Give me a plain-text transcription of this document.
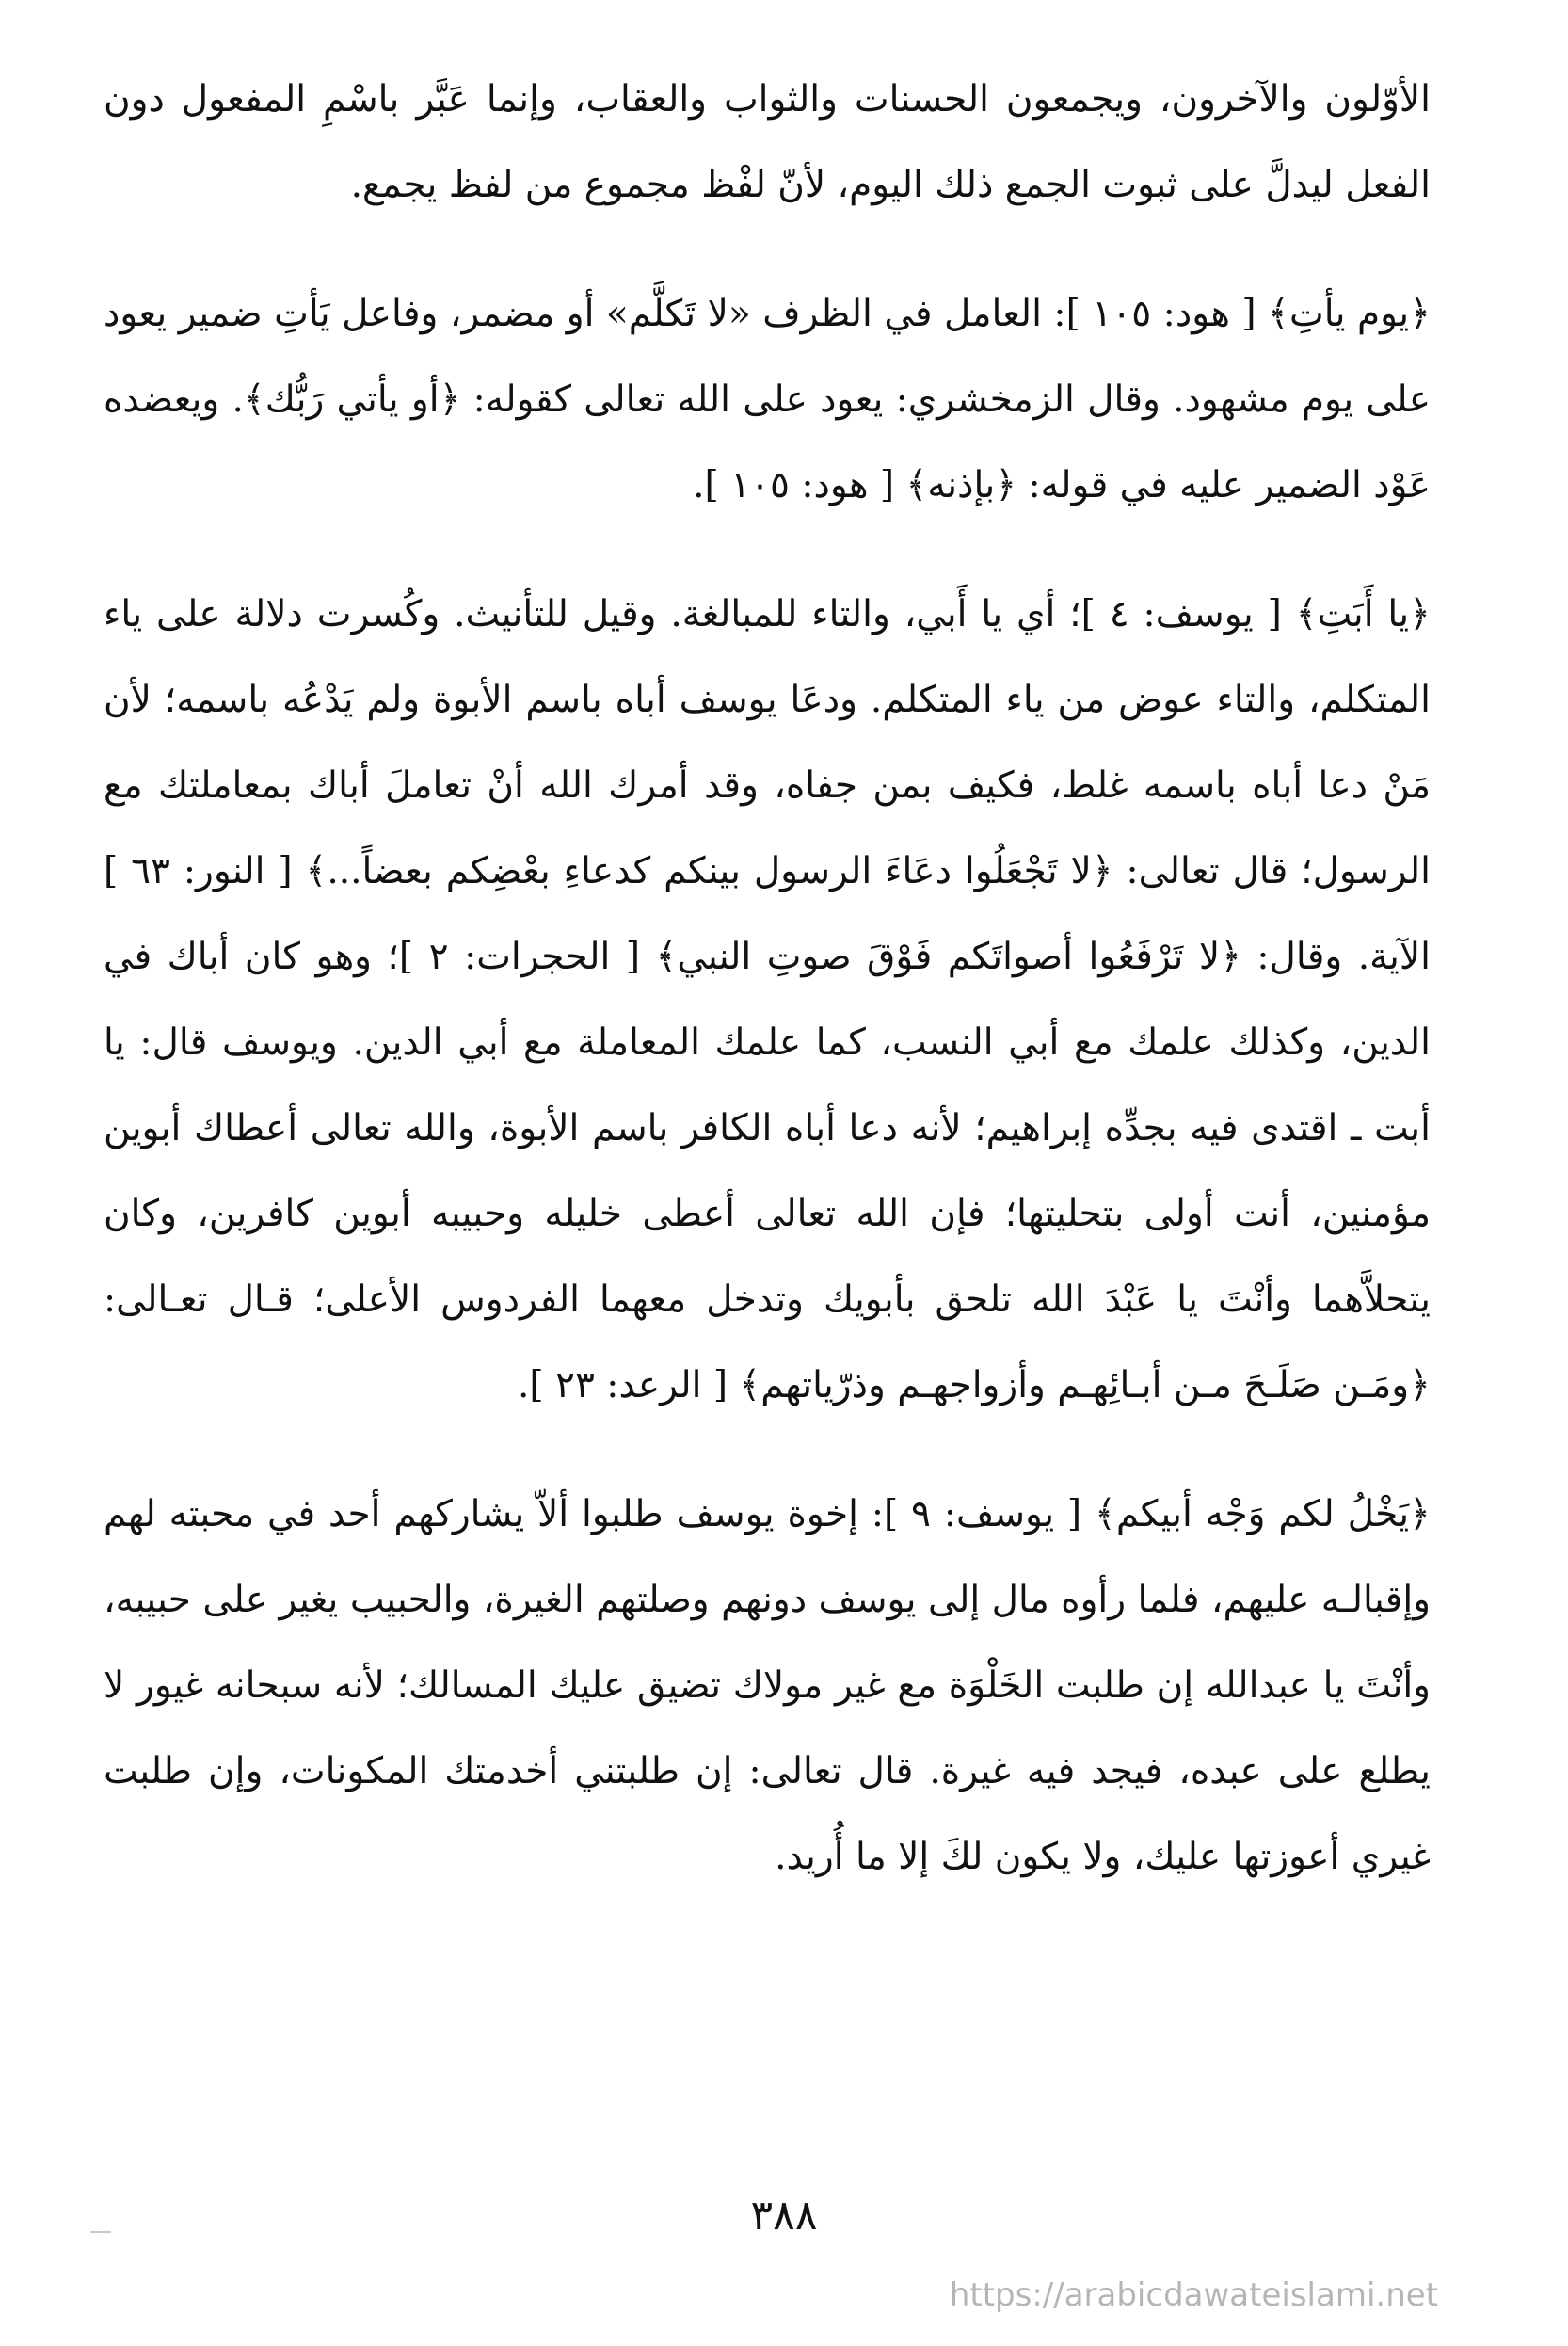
الأوّلون والآخرون، ويجمعون الحسنات والثواب والعقاب، وإنما عَبَّر باسْمِ المفعول دون الفعل ليدلَّ على ثبوت الجمع ذلك اليوم، لأنّ لفْظ مجموع من لفظ يجمع.

﴿يوم يأتِ﴾ [ هود: ١٠٥ ]: العامل في الظرف «لا تَكلَّم» أو مضمر، وفاعل يَأتِ ضمير يعود على يوم مشهود. وقال الزمخشري: يعود على الله تعالى كقوله: ﴿أو يأتي رَبُّك﴾. ويعضده عَوْد الضمير عليه في قوله: ﴿بإذنه﴾ [ هود: ١٠٥ ].

﴿يا أَبَتِ﴾ [ يوسف: ٤ ]؛ أي يا أَبي، والتاء للمبالغة. وقيل للتأنيث. وكُسرت دلالة على ياء المتكلم، والتاء عوض من ياء المتكلم. ودعَا يوسف أباه باسم الأبوة ولم يَدْعُه باسمه؛ لأن مَنْ دعا أباه باسمه غلط، فكيف بمن جفاه، وقد أمرك الله أنْ تعاملَ أباك بمعاملتك مع الرسول؛ قال تعالى: ﴿لا تَجْعَلُوا دعَاءَ الرسول بينكم كدعاءِ بعْضِكم بعضاً...﴾ [ النور: ٦٣ ] الآية. وقال: ﴿لا تَرْفَعُوا أصواتَكم فَوْقَ صوتِ النبي﴾ [ الحجرات: ٢ ]؛ وهو كان أباك في الدين، وكذلك علمك مع أبي النسب، كما علمك المعاملة مع أبي الدين. ويوسف قال: يا أبت ـ اقتدى فيه بجدِّه إبراهيم؛ لأنه دعا أباه الكافر باسم الأبوة، والله تعالى أعطاك أبوين مؤمنين، أنت أولى بتحليتها؛ فإن الله تعالى أعطى خليله وحبيبه أبوين كافرين، وكان يتحلاَّهما وأنْتَ يا عَبْدَ الله تلحق بأبويك وتدخل معهما الفردوس الأعلى؛ قـال تعـالى: ﴿ومَـن صَلَـحَ مـن أبـائِهـم وأزواجهـم وذرّياتهم﴾ [ الرعد: ٢٣ ].

﴿يَخْلُ لكم وَجْه أبيكم﴾ [ يوسف: ٩ ]: إخوة يوسف طلبوا ألاّ يشاركهم أحد في محبته لهم وإقبالـه عليهم، فلما رأوه مال إلى يوسف دونهم وصلتهم الغيرة، والحبيب يغير على حبيبه، وأنْتَ يا عبدالله إن طلبت الخَلْوَة مع غير مولاك تضيق عليك المسالك؛ لأنه سبحانه غيور لا يطلع على عبده، فيجد فيه غيرة. قال تعالى: إن طلبتني أخدمتك المكونات، وإن طلبت غيري أعوزتها عليك، ولا يكون لكَ إلا ما أُريد.

٣٨٨
https://arabicdawateislami.net
